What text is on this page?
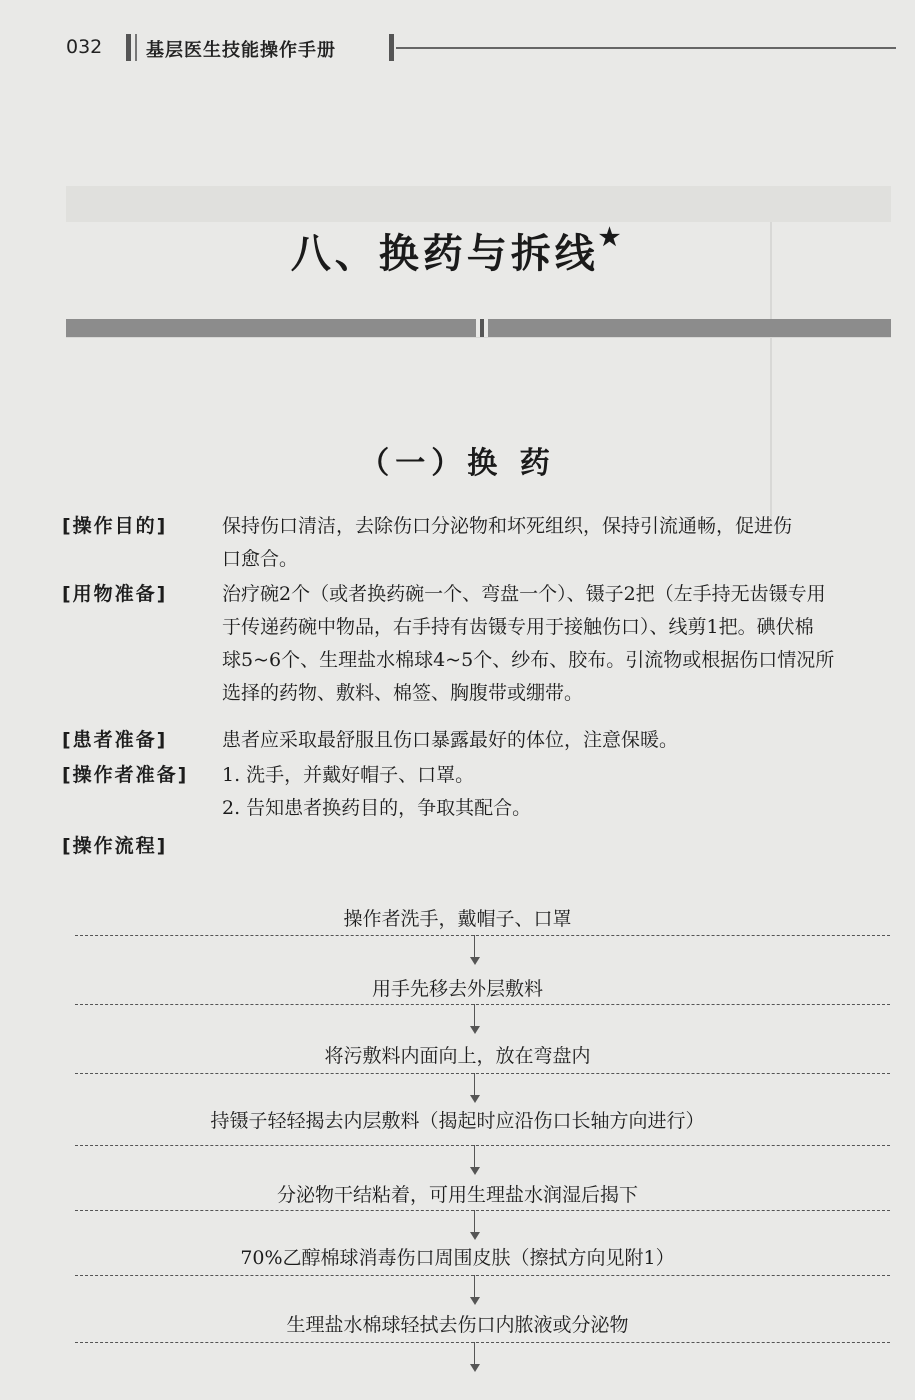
032 基层医生技能操作手册
八、换药与拆线★
（一）换 药
[操作目的]	保持伤口清洁，去除伤口分泌物和坏死组织，保持引流通畅，促进伤
口愈合。
[用物准备]	治疗碗2个（或者换药碗一个、弯盘一个）、镊子2把（左手持无齿镊专用
于传递药碗中物品，右手持有齿镊专用于接触伤口）、线剪1把。碘伏棉
球5~6个、生理盐水棉球4~5个、纱布、胶布。引流物或根据伤口情况所
选择的药物、敷料、棉签、胸腹带或绷带。
[患者准备]	患者应采取最舒服且伤口暴露最好的体位，注意保暖。
[操作者准备]	1. 洗手，并戴好帽子、口罩。
2. 告知患者换药目的，争取其配合。
[操作流程]
操作者洗手，戴帽子、口罩
用手先移去外层敷料
将污敷料内面向上，放在弯盘内
持镊子轻轻揭去内层敷料（揭起时应沿伤口长轴方向进行）
分泌物干结粘着，可用生理盐水润湿后揭下
70%乙醇棉球消毒伤口周围皮肤（擦拭方向见附1）
生理盐水棉球轻拭去伤口内脓液或分泌物
